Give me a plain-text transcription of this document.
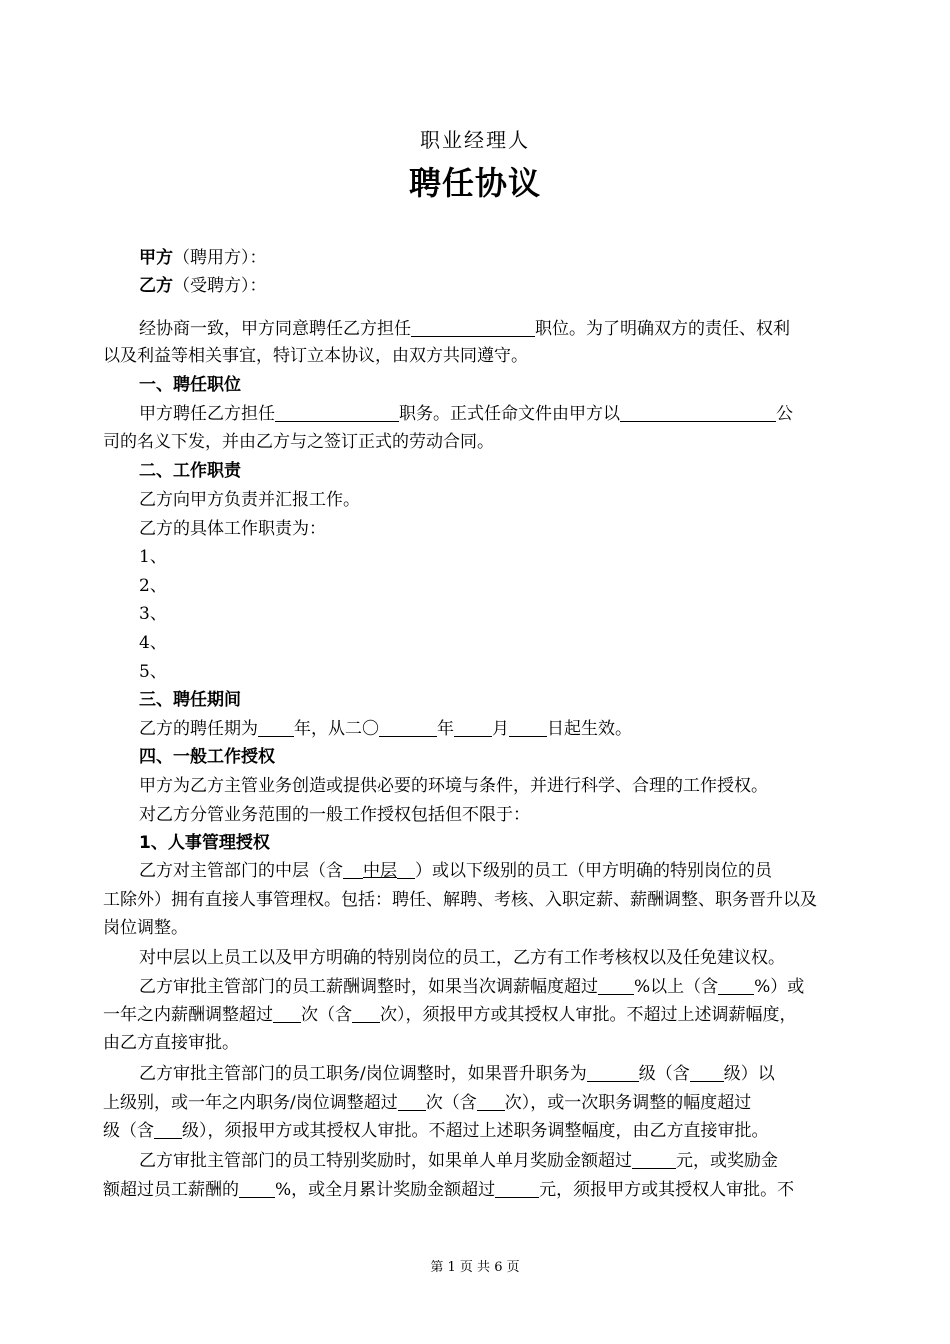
职业经理人
聘任协议
甲方（聘用方）：
乙方（受聘方）：
经协商一致，甲方同意聘任乙方担任	职位。为了明确双方的责任、权利
以及利益等相关事宜，特订立本协议，由双方共同遵守。
一、聘任职位
甲方聘任乙方担任	职务。正式任命文件由甲方以	公
司的名义下发，并由乙方与之签订正式的劳动合同。
二、工作职责
乙方向甲方负责并汇报工作。
乙方的具体工作职责为：
1、
2、
3、
4、
5、
三、聘任期间
乙方的聘任期为 年，从二〇	年 月 日起生效。
四、一般工作授权
甲方为乙方主管业务创造或提供必要的环境与条件，并进行科学、合理的工作授权。
对乙方分管业务范围的一般工作授权包括但不限于：
1、人事管理授权
乙方对主管部门的中层（含 中层 ）或以下级别的员工（甲方明确的特别岗位的员
工除外）拥有直接人事管理权。包括：聘任、解聘、考核、入职定薪、薪酬调整、职务晋升以及
岗位调整。
对中层以上员工以及甲方明确的特别岗位的员工，乙方有工作考核权以及任免建议权。
乙方审批主管部门的员工薪酬调整时，如果当次调薪幅度超过 %以上（含 %）或
一年之内薪酬调整超过 次（含 次），须报甲方或其授权人审批。不超过上述调薪幅度，
由乙方直接审批。
乙方审批主管部门的员工职务/岗位调整时，如果晋升职务为	级（含 级）以
上级别，或一年之内职务/岗位调整超过 次（含 次），或一次职务调整的幅度超过
级（含 级），须报甲方或其授权人审批。不超过上述职务调整幅度，由乙方直接审批。
乙方审批主管部门的员工特别奖励时，如果单人单月奖励金额超过	元，或奖励金
额超过员工薪酬的 %，或全月累计奖励金额超过	元，须报甲方或其授权人审批。不
第 1 页 共 6 页
